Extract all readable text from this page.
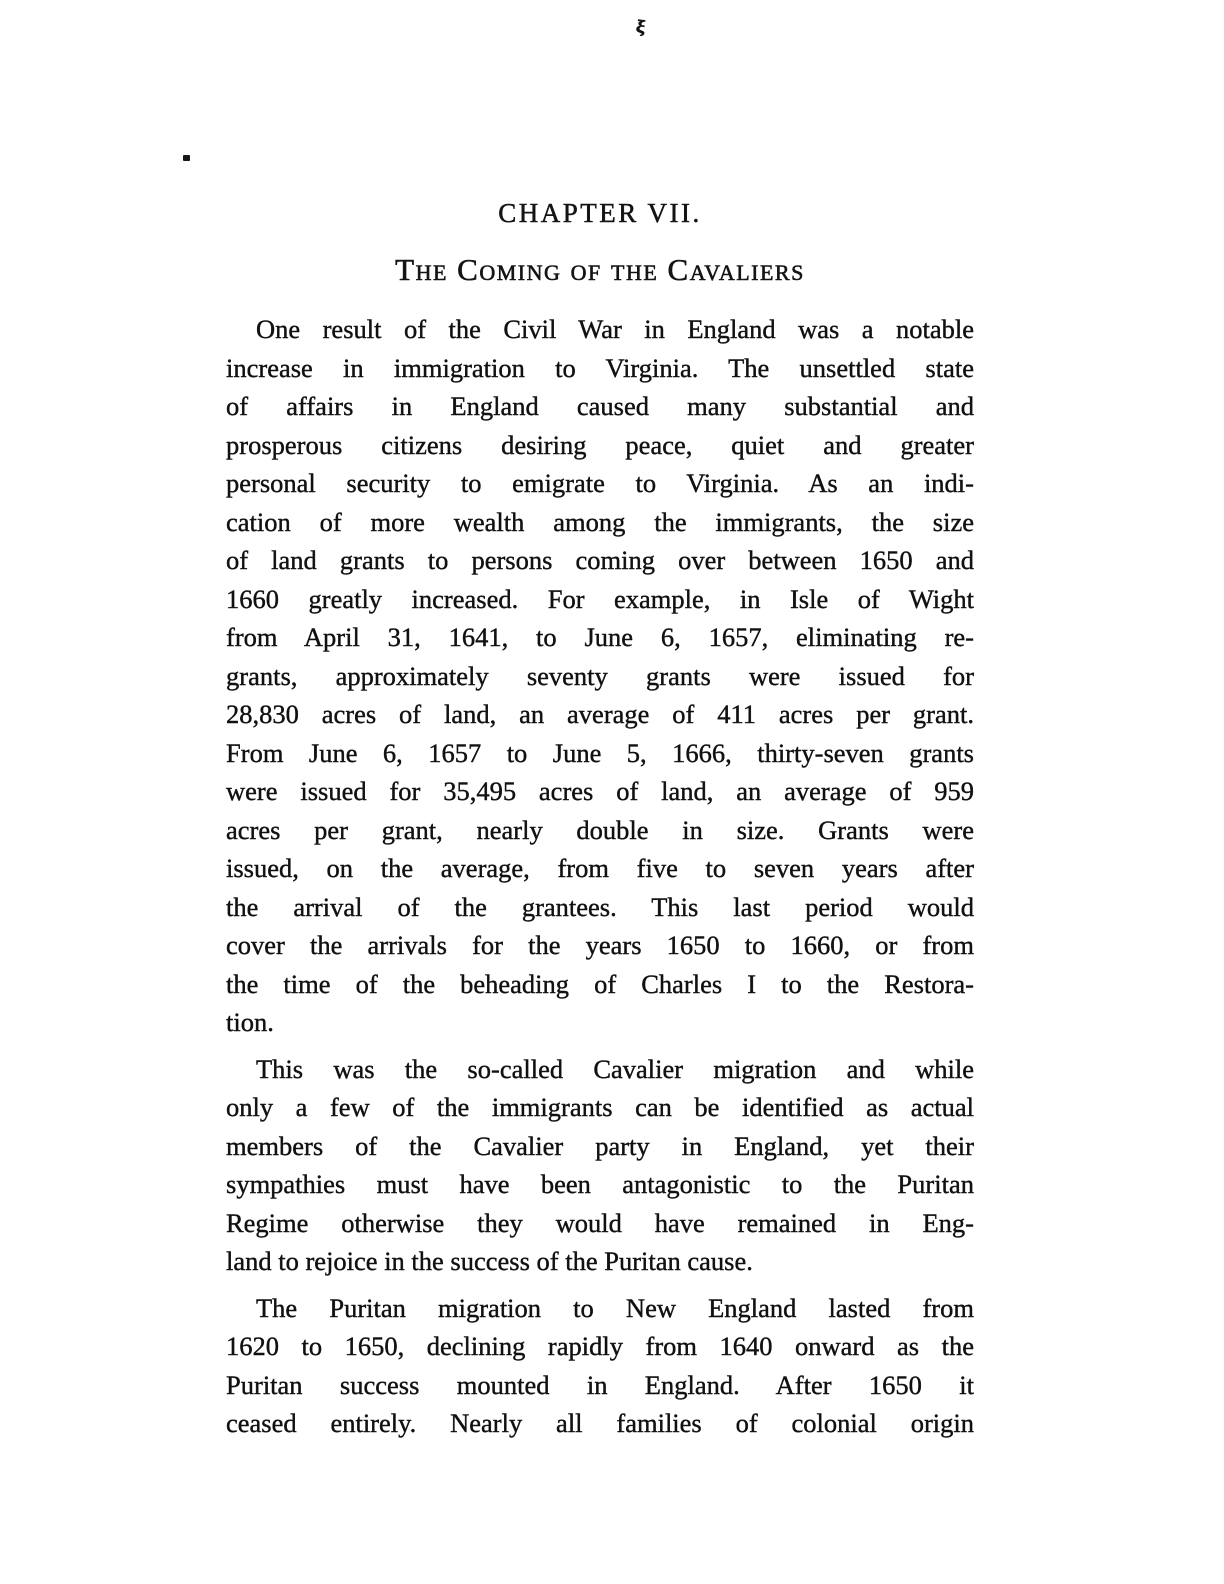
ξ
CHAPTER VII.
The Coming of the Cavaliers
One result of the Civil War in England was a notable
increase in immigration to Virginia. The unsettled state
of affairs in England caused many substantial and
prosperous citizens desiring peace, quiet and greater
personal security to emigrate to Virginia. As an indi-
cation of more wealth among the immigrants, the size
of land grants to persons coming over between 1650 and
1660 greatly increased. For example, in Isle of Wight
from April 31, 1641, to June 6, 1657, eliminating re-
grants, approximately seventy grants were issued for
28,830 acres of land, an average of 411 acres per grant.
From June 6, 1657 to June 5, 1666, thirty-seven grants
were issued for 35,495 acres of land, an average of 959
acres per grant, nearly double in size. Grants were
issued, on the average, from five to seven years after
the arrival of the grantees. This last period would
cover the arrivals for the years 1650 to 1660, or from
the time of the beheading of Charles I to the Restora-
tion.
This was the so-called Cavalier migration and while
only a few of the immigrants can be identified as actual
members of the Cavalier party in England, yet their
sympathies must have been antagonistic to the Puritan
Regime otherwise they would have remained in Eng-
land to rejoice in the success of the Puritan cause.
The Puritan migration to New England lasted from
1620 to 1650, declining rapidly from 1640 onward as the
Puritan success mounted in England. After 1650 it
ceased entirely. Nearly all families of colonial origin
